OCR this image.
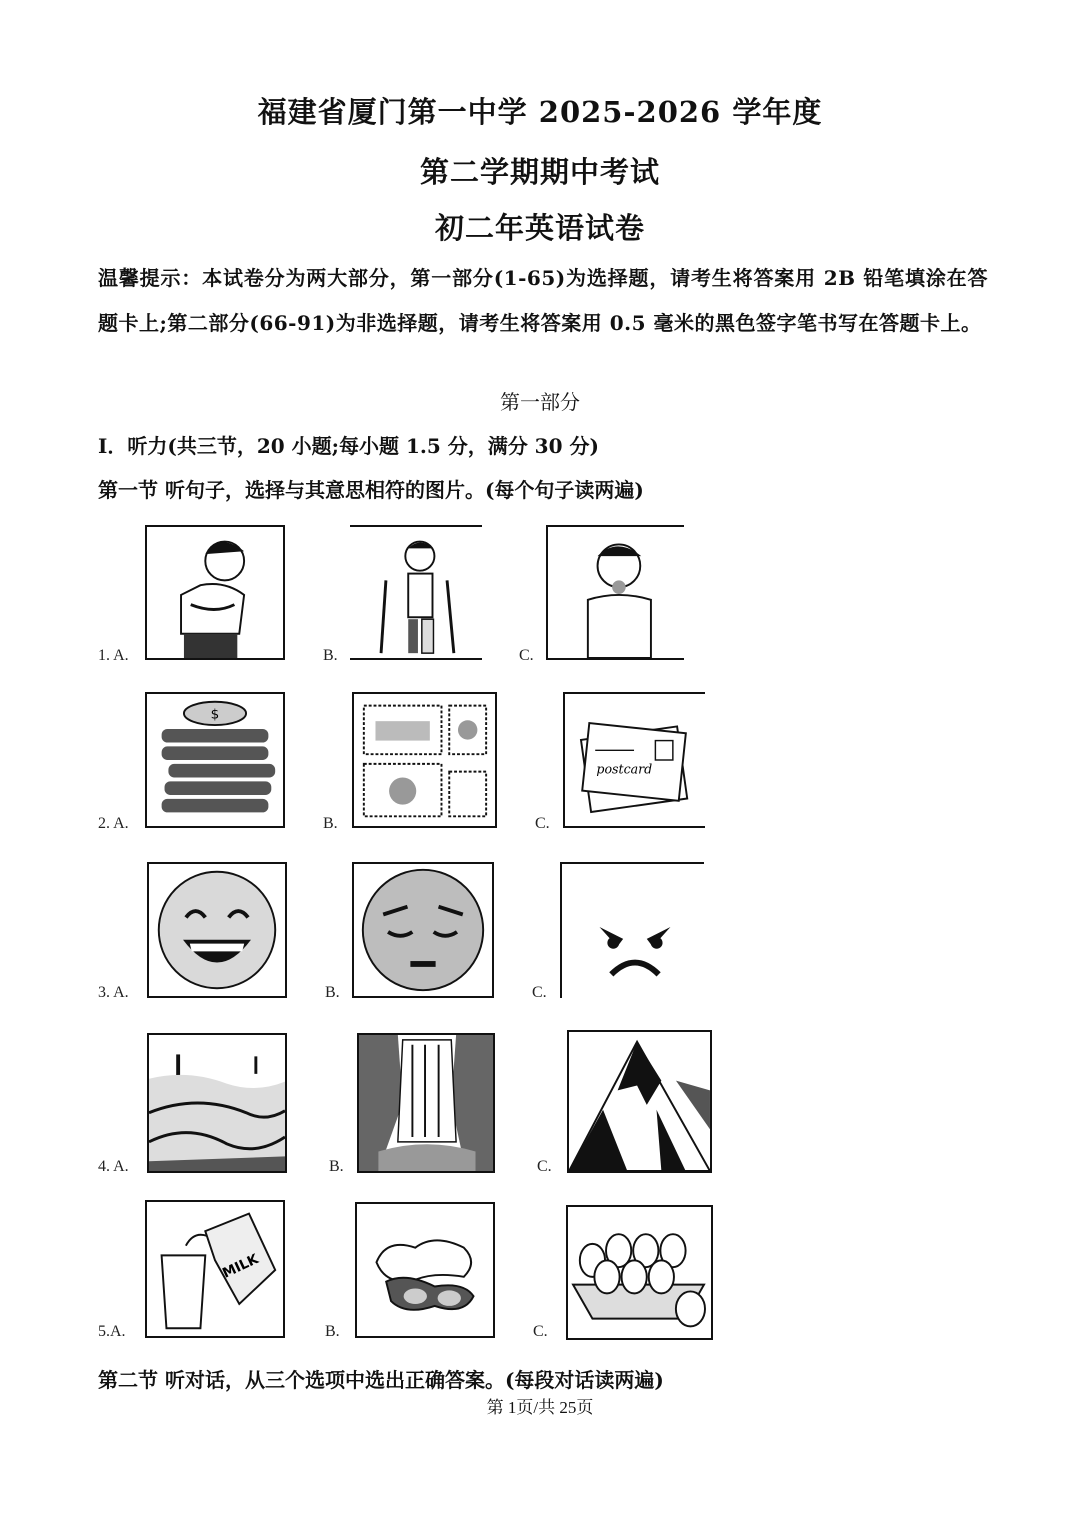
福建省厦门第一中学 2025-2026 学年度
第二学期期中考试
初二年英语试卷
温馨提示：本试卷分为两大部分，第一部分(1-65)为选择题，请考生将答案用 2B 铅笔填涂在答题卡上;第二部分(66-91)为非选择题，请考生将答案用 0.5 毫米的黑色签字笔书写在答题卡上。
第一部分
I．听力(共三节，20 小题;每小题 1.5 分，满分 30 分)
第一节 听句子，选择与其意思相符的图片。(每个句子读两遍)
1. A.	B.	C.
2. A.
$
B.	C.
postcard
3. A.	B.	C.
4. A.	B.	C.
5.A.
MILK
B.	C.
第二节 听对话，从三个选项中选出正确答案。(每段对话读两遍)
第 1页/共 25页
